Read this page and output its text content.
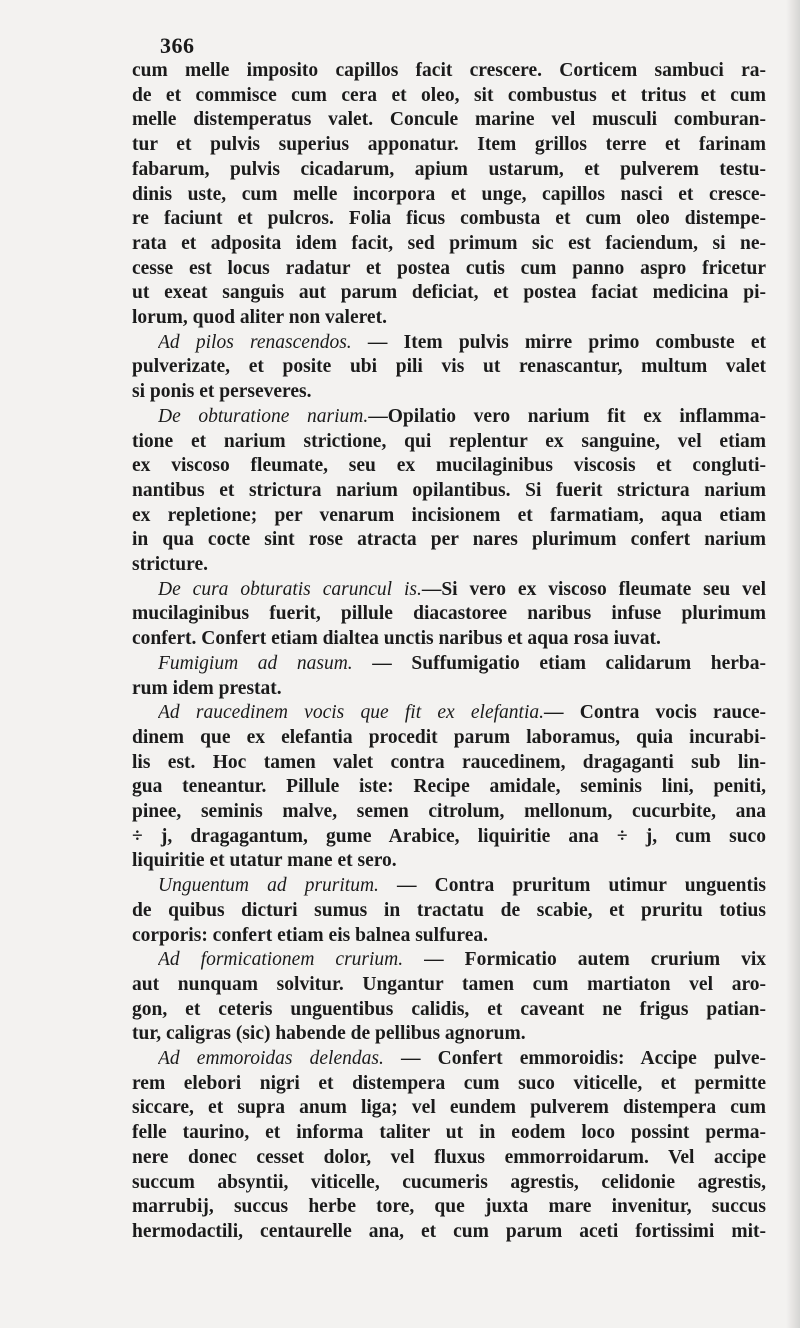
366
cum melle imposito capillos facit crescere. Corticem sambuci ra-
de et commisce cum cera et oleo, sit combustus et tritus et cum
melle distemperatus valet. Concule marine vel musculi comburan-
tur et pulvis superius apponatur. Item grillos terre et farinam
fabarum, pulvis cicadarum, apium ustarum, et pulverem testu-
dinis uste, cum melle incorpora et unge, capillos nasci et cresce-
re faciunt et pulcros. Folia ficus combusta et cum oleo distempe-
rata et adposita idem facit, sed primum sic est faciendum, si ne-
cesse est locus radatur et postea cutis cum panno aspro fricetur
ut exeat sanguis aut parum deficiat, et postea faciat medicina pi-
lorum, quod aliter non valeret.
Ad pilos renascendos. — Item pulvis mirre primo combuste et
pulverizate, et posite ubi pili vis ut renascantur, multum valet
si ponis et perseveres.
De obturatione narium.—Opilatio vero narium fit ex inflamma-
tione et narium strictione, qui replentur ex sanguine, vel etiam
ex viscoso fleumate, seu ex mucilaginibus viscosis et congluti-
nantibus et strictura narium opilantibus. Si fuerit strictura narium
ex repletione; per venarum incisionem et farmatiam, aqua etiam
in qua cocte sint rose atracta per nares plurimum confert narium
stricture.
De cura obturatis caruncul is.—Si vero ex viscoso fleumate seu vel
mucilaginibus fuerit, pillule diacastoree naribus infuse plurimum
confert. Confert etiam dialtea unctis naribus et aqua rosa iuvat.
Fumigium ad nasum. — Suffumigatio etiam calidarum herba-
rum idem prestat.
Ad raucedinem vocis que fit ex elefantia.— Contra vocis rauce-
dinem que ex elefantia procedit parum laboramus, quia incurabi-
lis est. Hoc tamen valet contra raucedinem, dragaganti sub lin-
gua teneantur. Pillule iste: Recipe amidale, seminis lini, peniti,
pinee, seminis malve, semen citrolum, mellonum, cucurbite, ana
÷ j, dragagantum, gume Arabice, liquiritie ana ÷ j, cum suco
liquiritie et utatur mane et sero.
Unguentum ad pruritum. — Contra pruritum utimur unguentis
de quibus dicturi sumus in tractatu de scabie, et pruritu totius
corporis: confert etiam eis balnea sulfurea.
Ad formicationem crurium. — Formicatio autem crurium vix
aut nunquam solvitur. Ungantur tamen cum martiaton vel aro-
gon, et ceteris unguentibus calidis, et caveant ne frigus patian-
tur, caligras (sic) habende de pellibus agnorum.
Ad emmoroidas delendas. — Confert emmoroidis: Accipe pulve-
rem elebori nigri et distempera cum suco viticelle, et permitte
siccare, et supra anum liga; vel eundem pulverem distempera cum
felle taurino, et informa taliter ut in eodem loco possint perma-
nere donec cesset dolor, vel fluxus emmorroidarum. Vel accipe
succum absyntii, viticelle, cucumeris agrestis, celidonie agrestis,
marrubij, succus herbe tore, que juxta mare invenitur, succus
hermodactili, centaurelle ana, et cum parum aceti fortissimi mit-
